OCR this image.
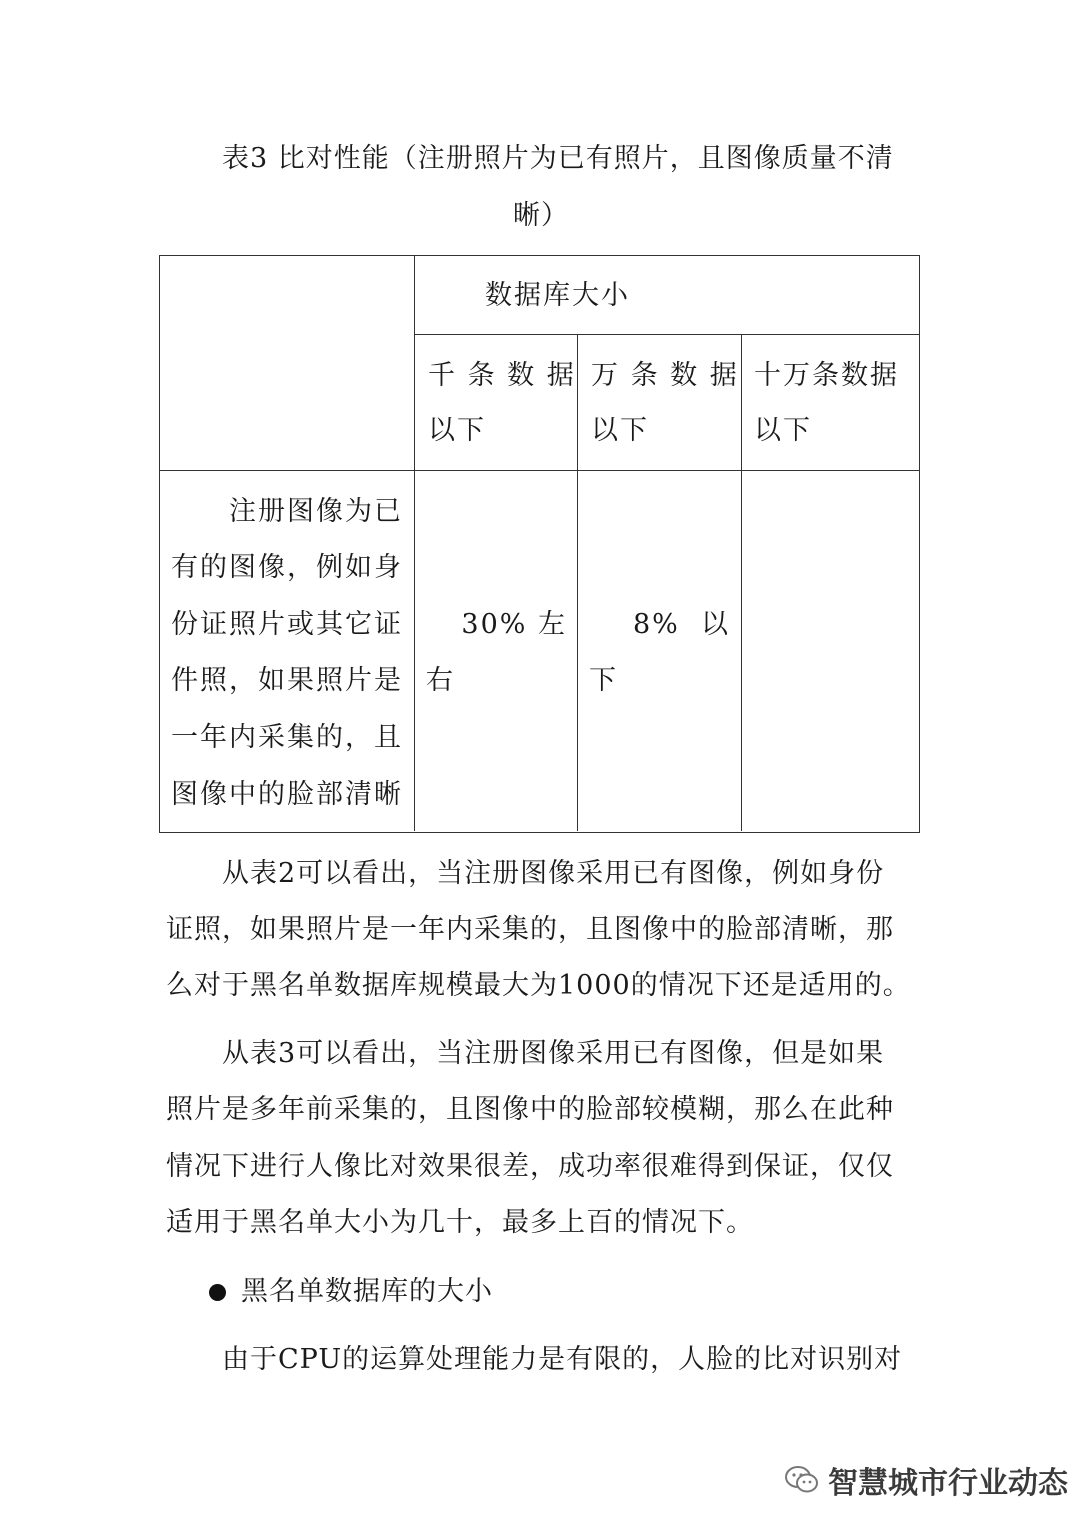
表3 比对性能（注册照片为已有照片，且图像质量不清
晰）
数据库大小
千 条 数 据
以下
万 条 数 据
以下
十万条数据
以下
注册图像为已
有的图像，例如身
份证照片或其它证
件照，如果照片是
一年内采集的，且
图像中的脸部清晰
30% 左
右
8%  以
下
从表2可以看出，当注册图像采用已有图像，例如身份
证照，如果照片是一年内采集的，且图像中的脸部清晰，那
么对于黑名单数据库规模最大为1000的情况下还是适用的。
从表3可以看出，当注册图像采用已有图像，但是如果
照片是多年前采集的，且图像中的脸部较模糊，那么在此种
情况下进行人像比对效果很差，成功率很难得到保证，仅仅
适用于黑名单大小为几十，最多上百的情况下。
黑名单数据库的大小
由于CPU的运算处理能力是有限的，人脸的比对识别对
智慧城市行业动态
